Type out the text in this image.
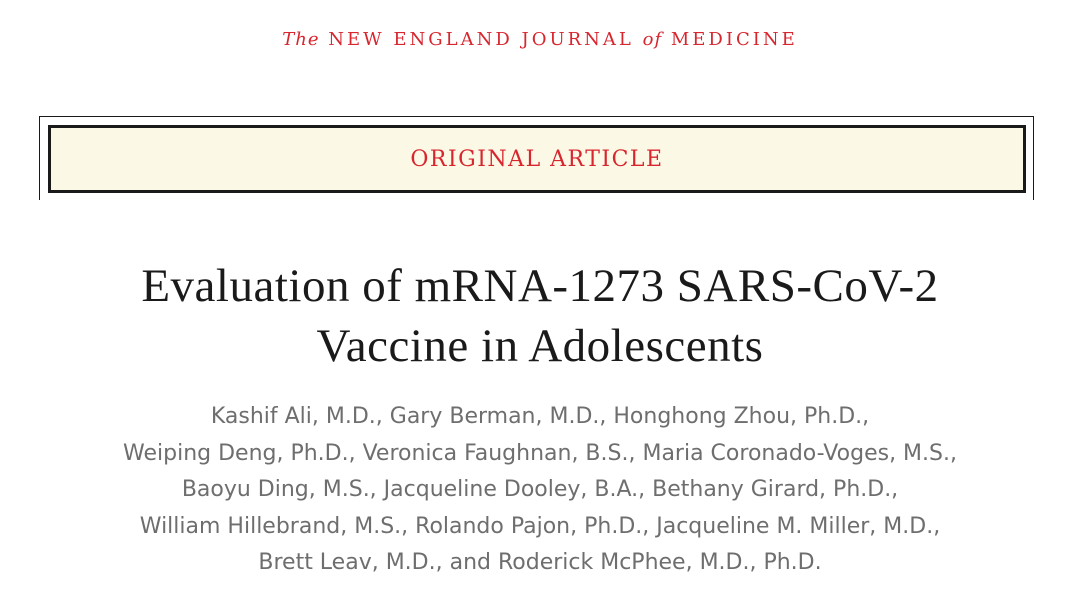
The NEW ENGLAND JOURNAL of MEDICINE
ORIGINAL ARTICLE
Evaluation of mRNA-1273 SARS-CoV-2
Vaccine in Adolescents
Kashif Ali, M.D., Gary Berman, M.D., Honghong Zhou, Ph.D.,
Weiping Deng, Ph.D., Veronica Faughnan, B.S., Maria Coronado-Voges, M.S.,
Baoyu Ding, M.S., Jacqueline Dooley, B.A., Bethany Girard, Ph.D.,
William Hillebrand, M.S., Rolando Pajon, Ph.D., Jacqueline M. Miller, M.D.,
Brett Leav, M.D., and Roderick McPhee, M.D., Ph.D.
